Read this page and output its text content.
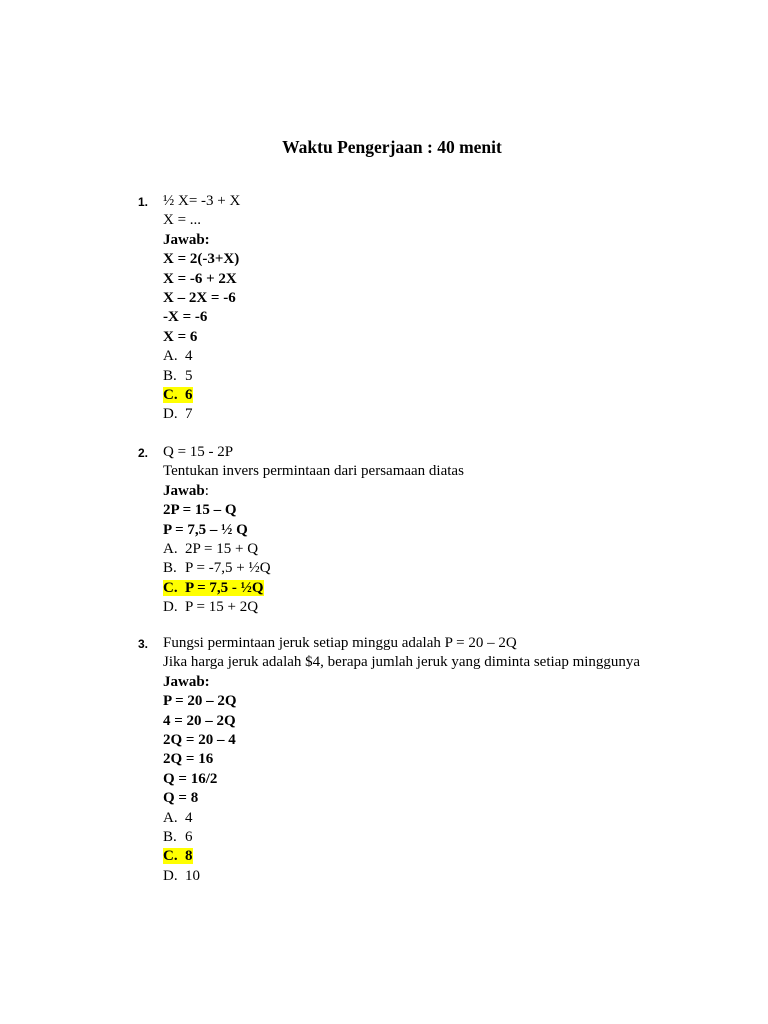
Waktu Pengerjaan : 40 menit
1. ½ X= -3 + X
X = ...
Jawab:
X = 2(-3+X)
X = -6 + 2X
X – 2X = -6
-X = -6
X = 6
A. 4
B. 5
C. 6
D. 7
2. Q = 15 - 2P
Tentukan invers permintaan dari persamaan diatas
Jawab:
2P = 15 – Q
P = 7,5 – ½ Q
A. 2P = 15 + Q
B. P = -7,5 + ½Q
C. P = 7,5 - ½Q
D. P = 15 + 2Q
3. Fungsi permintaan jeruk setiap minggu adalah P = 20 – 2Q
Jika harga jeruk adalah $4, berapa jumlah jeruk yang diminta setiap minggunya
Jawab:
P = 20 – 2Q
4 = 20 – 2Q
2Q = 20 – 4
2Q = 16
Q = 16/2
Q = 8
A. 4
B. 6
C. 8
D. 10
